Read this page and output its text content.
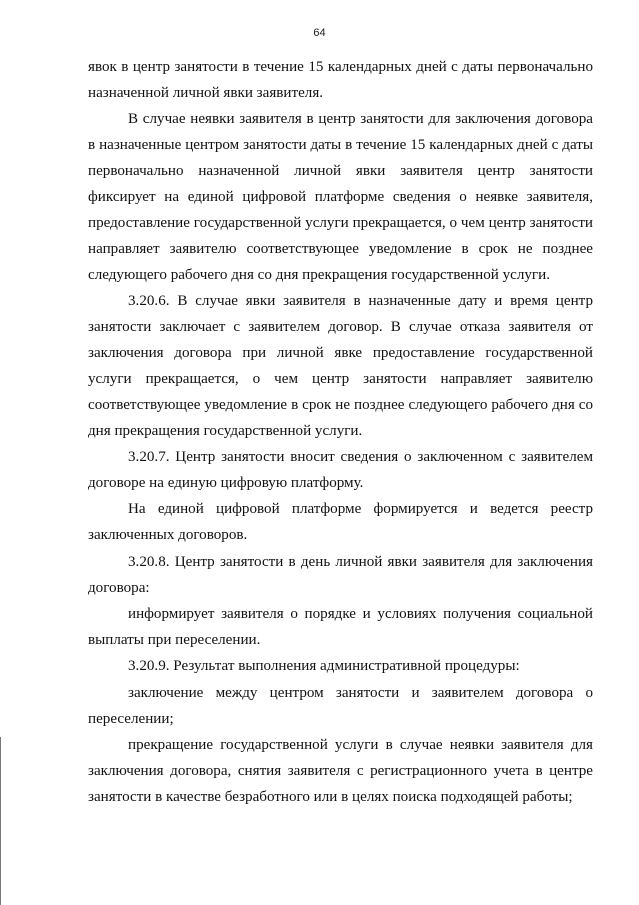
64

явок в центр занятости в течение 15 календарных дней с даты первоначально назначенной личной явки заявителя.

В случае неявки заявителя в центр занятости для заключения договора в назначенные центром занятости даты в течение 15 календарных дней с даты первоначально назначенной личной явки заявителя центр занятости фиксирует на единой цифровой платформе сведения о неявке заявителя, предоставление государственной услуги прекращается, о чем центр занятости направляет заявителю соответствующее уведомление в срок не позднее следующего рабочего дня со дня прекращения государственной услуги.

3.20.6. В случае явки заявителя в назначенные дату и время центр занятости заключает с заявителем договор. В случае отказа заявителя от заключения договора при личной явке предоставление государственной услуги прекращается, о чем центр занятости направляет заявителю соответствующее уведомление в срок не позднее следующего рабочего дня со дня прекращения государственной услуги.

3.20.7. Центр занятости вносит сведения о заключенном с заявителем договоре на единую цифровую платформу.

На единой цифровой платформе формируется и ведется реестр заключенных договоров.

3.20.8. Центр занятости в день личной явки заявителя для заключения договора:

информирует заявителя о порядке и условиях получения социальной выплаты при переселении.

3.20.9. Результат выполнения административной процедуры:

заключение между центром занятости и заявителем договора о переселении;

прекращение государственной услуги в случае неявки заявителя для заключения договора, снятия заявителя с регистрационного учета в центре занятости в качестве безработного или в целях поиска подходящей работы;
